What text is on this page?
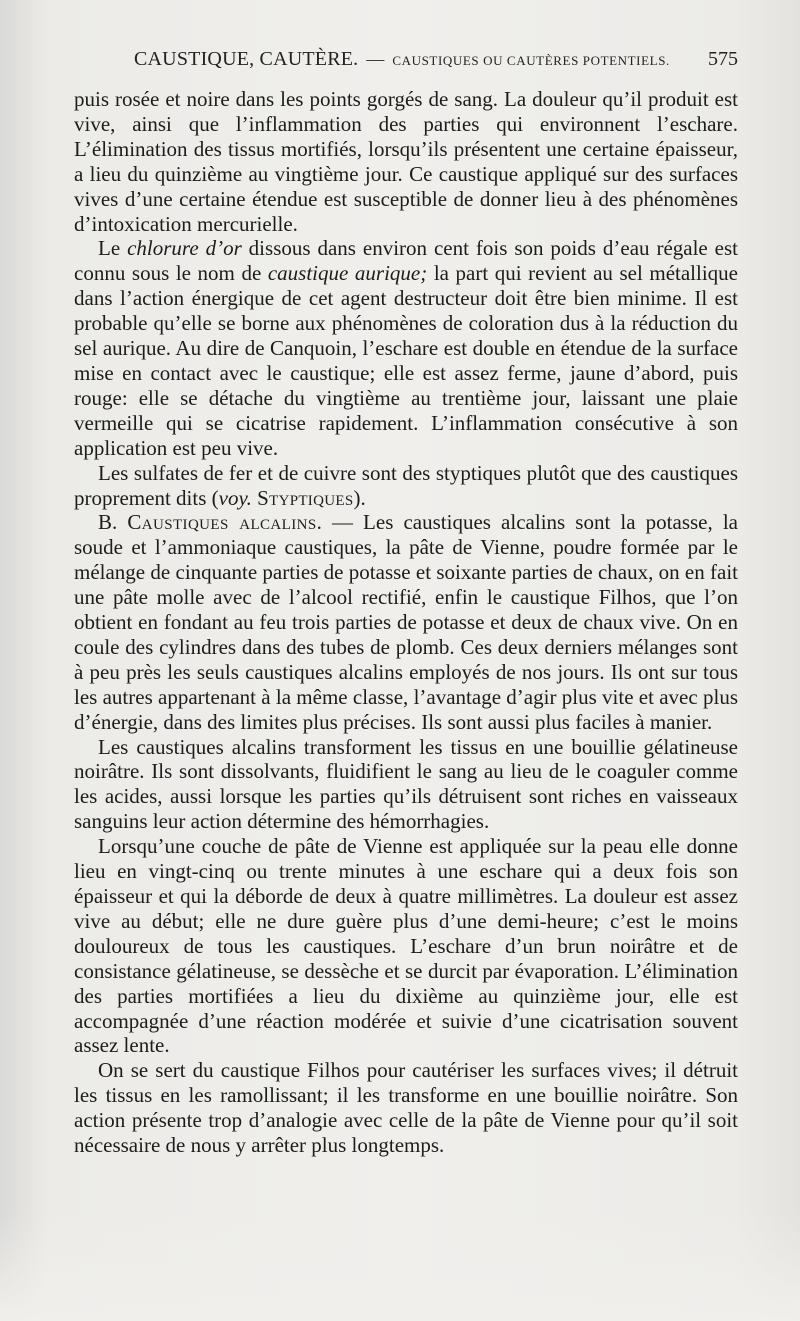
CAUSTIQUE, CAUTÈRE. — CAUSTIQUES OU CAUTÈRES POTENTIELS. 575

puis rosée et noire dans les points gorgés de sang. La douleur qu’il produit est vive, ainsi que l’inflammation des parties qui environnent l’eschare. L’élimination des tissus mortifiés, lorsqu’ils présentent une certaine épaisseur, a lieu du quinzième au vingtième jour. Ce caustique appliqué sur des surfaces vives d’une certaine étendue est susceptible de donner lieu à des phénomènes d’intoxication mercurielle.

Le chlorure d’or dissous dans environ cent fois son poids d’eau régale est connu sous le nom de caustique aurique; la part qui revient au sel métallique dans l’action énergique de cet agent destructeur doit être bien minime. Il est probable qu’elle se borne aux phénomènes de coloration dus à la réduction du sel aurique. Au dire de Canquoin, l’eschare est double en étendue de la surface mise en contact avec le caustique; elle est assez ferme, jaune d’abord, puis rouge: elle se détache du vingtième au trentième jour, laissant une plaie vermeille qui se cicatrise rapidement. L’inflammation consécutive à son application est peu vive.

Les sulfates de fer et de cuivre sont des styptiques plutôt que des caustiques proprement dits (voy. Styptiques).

B. Caustiques alcalins. — Les caustiques alcalins sont la potasse, la soude et l’ammoniaque caustiques, la pâte de Vienne, poudre formée par le mélange de cinquante parties de potasse et soixante parties de chaux, on en fait une pâte molle avec de l’alcool rectifié, enfin le caustique Filhos, que l’on obtient en fondant au feu trois parties de potasse et deux de chaux vive. On en coule des cylindres dans des tubes de plomb. Ces deux derniers mélanges sont à peu près les seuls caustiques alcalins employés de nos jours. Ils ont sur tous les autres appartenant à la même classe, l’avantage d’agir plus vite et avec plus d’énergie, dans des limites plus précises. Ils sont aussi plus faciles à manier.

Les caustiques alcalins transforment les tissus en une bouillie gélatineuse noirâtre. Ils sont dissolvants, fluidifient le sang au lieu de le coaguler comme les acides, aussi lorsque les parties qu’ils détruisent sont riches en vaisseaux sanguins leur action détermine des hémorrhagies.

Lorsqu’une couche de pâte de Vienne est appliquée sur la peau elle donne lieu en vingt-cinq ou trente minutes à une eschare qui a deux fois son épaisseur et qui la déborde de deux à quatre millimètres. La douleur est assez vive au début; elle ne dure guère plus d’une demi-heure; c’est le moins douloureux de tous les caustiques. L’eschare d’un brun noirâtre et de consistance gélatineuse, se dessèche et se durcit par évaporation. L’élimination des parties mortifiées a lieu du dixième au quinzième jour, elle est accompagnée d’une réaction modérée et suivie d’une cicatrisation souvent assez lente.

On se sert du caustique Filhos pour cautériser les surfaces vives; il détruit les tissus en les ramollissant; il les transforme en une bouillie noirâtre. Son action présente trop d’analogie avec celle de la pâte de Vienne pour qu’il soit nécessaire de nous y arrêter plus longtemps.
